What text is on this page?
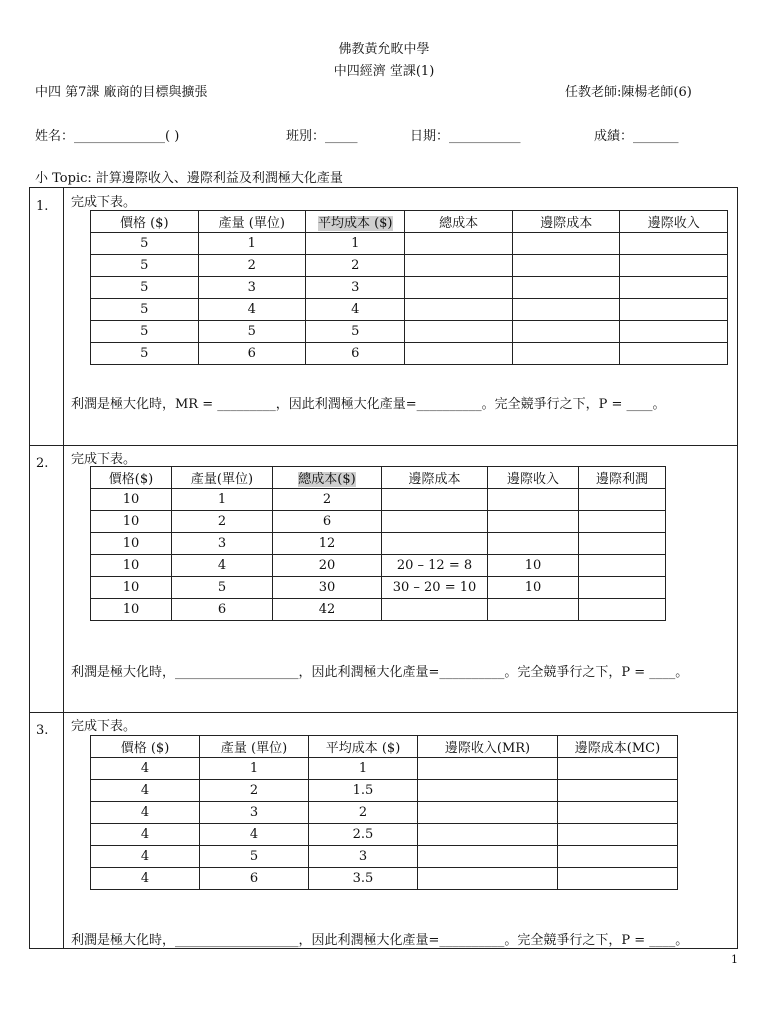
佛教黃允畋中學
中四經濟 堂課(1)
中四 第7課 廠商的目標與擴張	任教老師:陳楊老師(6)
姓名：______________( )	班別：_____	日期：___________	成績：_______
小 Topic: 計算邊際收入、邊際利益及利潤極大化產量
1. 完成下表。
價格 ($)	產量 (單位)	平均成本 ($)	總成本	邊際成本	邊際收入
5	1	1			
5	2	2			
5	3	3			
5	4	4			
5	5	5			
5	6	6			
利潤是極大化時，MR = _________，因此利潤極大化產量=__________。完全競爭行之下，P = ____。
2. 完成下表。
價格($)	產量(單位)	總成本($)	邊際成本	邊際收入	邊際利潤
10	1	2			
10	2	6			
10	3	12			
10	4	20	20 – 12 = 8	10	
10	5	30	30 – 20 = 10	10	
10	6	42			
利潤是極大化時，___________________，因此利潤極大化產量=__________。完全競爭行之下，P = ____。
3. 完成下表。
價格 ($)	產量 (單位)	平均成本 ($)	邊際收入(MR)	邊際成本(MC)
4	1	1		
4	2	1.5		
4	3	2		
4	4	2.5		
4	5	3		
4	6	3.5		
利潤是極大化時，___________________，因此利潤極大化產量=__________。完全競爭行之下，P = ____。
1
